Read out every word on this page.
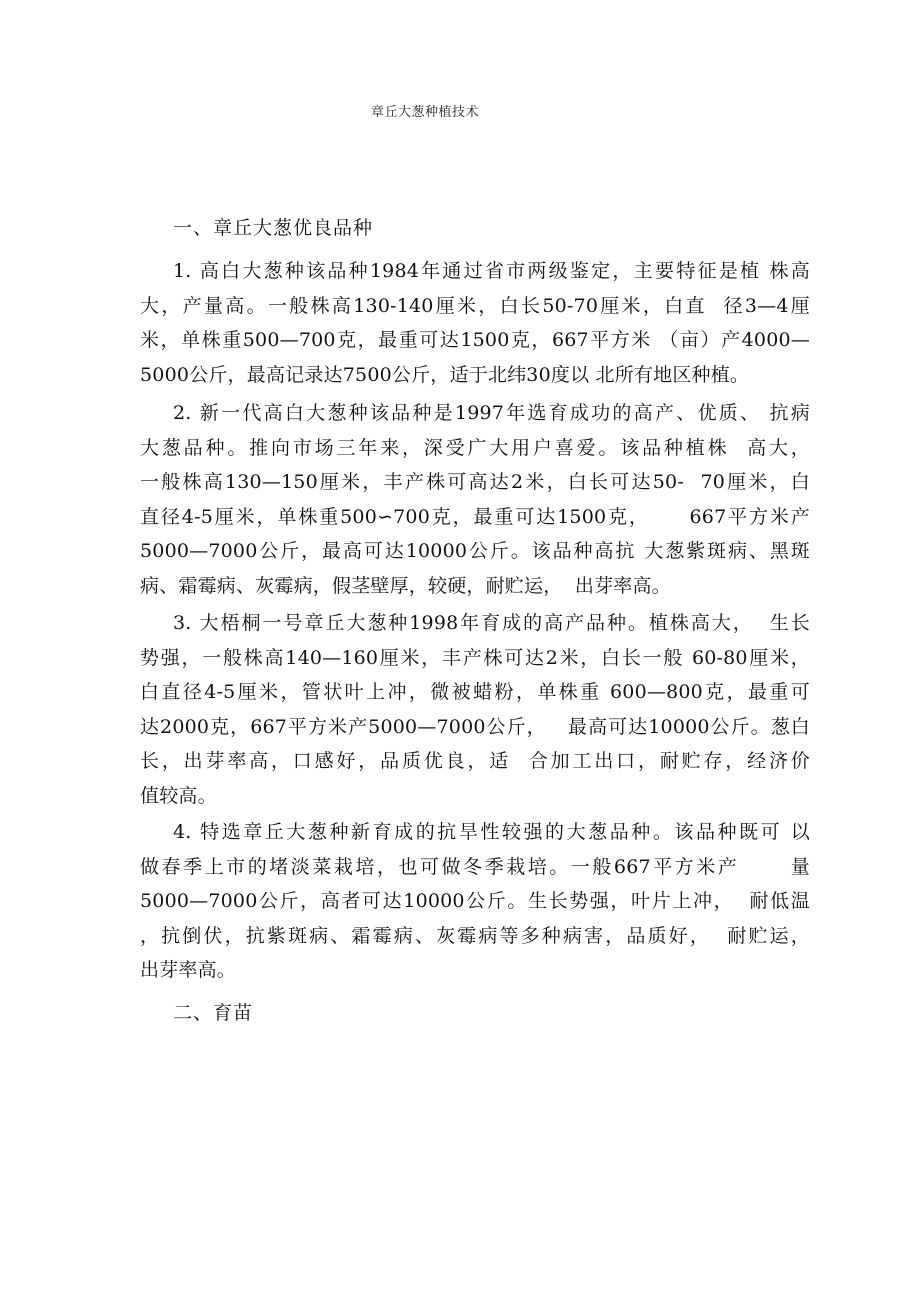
章丘大葱种植技术
一、章丘大葱优良品种
1. 高白大葱种该品种1984年通过省市两级鉴定，主要特征是植 株高
大，产量高。一般株高130-140厘米，白长50-70厘米，白直  径3—4厘
米，单株重500—700克，最重可达1500克，667平方米 （亩）产4000—
5000公斤，最高记录达7500公斤，适于北纬30度以 北所有地区种植。
2. 新一代高白大葱种该品种是1997年选育成功的高产、优质、 抗病
大葱品种。推向市场三年来，深受广大用户喜爱。该品种植株  高大，
一般株高130—150厘米，丰产株可高达2米，白长可达50-  70厘米，白
直径4-5厘米，单株重500∽700克，最重可达1500克，     667平方米产
5000—7000公斤，最高可达10000公斤。该品种高抗 大葱紫斑病、黑斑
病、霜霉病、灰霉病，假茎壁厚，较硬，耐贮运，  出芽率高。
3. 大梧桐一号章丘大葱种1998年育成的高产品种。植株高大，  生长
势强，一般株高140—160厘米，丰产株可达2米，白长一般 60-80厘米，
白直径4-5厘米，管状叶上冲，微被蜡粉，单株重 600—800克，最重可
达2000克，667平方米产5000—7000公斤，   最高可达10000公斤。葱白
长，出芽率高，口感好，品质优良，适  合加工出口，耐贮存，经济价
值较高。
4. 特选章丘大葱种新育成的抗旱性较强的大葱品种。该品种既可 以
做春季上市的堵淡菜栽培，也可做冬季栽培。一般667平方米产      量
5000—7000公斤，高者可达10000公斤。生长势强，叶片上冲，  耐低温
，抗倒伏，抗紫斑病、霜霉病、灰霉病等多种病害，品质好，  耐贮运，
出芽率高。
二、育苗
